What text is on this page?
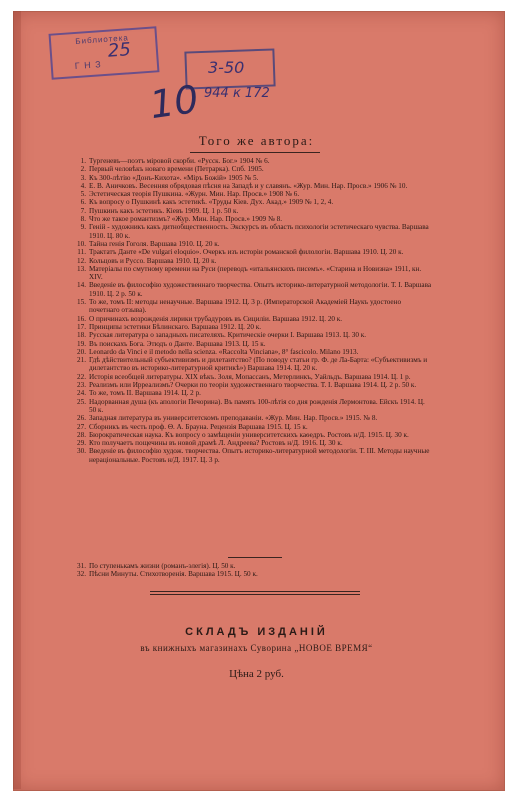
Библиотека
25
Г Н З	3-50
944 к 172
10
Того же автора:
1. Тургеневъ—поэтъ міровой скорби. «Русск. Бог.» 1904 № 6.
2. Первый человѣкъ новаго времени (Петрарка). Спб. 1905.
3. Къ 300-лѣтію «Донъ-Кихота». «Міръ Божій» 1905 № 5.
4. Е. В. Аничковъ. Весенняя обрядовая пѣсня на Западѣ и у славянъ. «Жур. Мин. Нар. Просв.» 1906 № 10.
5. Эстетическая теорія Пушкина. «Журн. Мин. Нар. Просв.» 1908 № 6.
6. Къ вопросу о Пушкинѣ какъ эстетикѣ. «Труды Кiев. Дух. Акад.» 1909 № 1, 2, 4.
7. Пушкинъ какъ эстетикъ. Кiевъ 1909. Ц. 1 р. 50 к.
8. Что же такое романтизмъ? «Жур. Мин. Нар. Просв.» 1909 № 8.
9. Генiй - художникъ какъ дитнобщественность. Экскурсъ въ область психологіи эстетическаго чувства. Варшава 1910. Ц. 80 к.
10. Тайна генiя Гоголя. Варшава 1910. Ц. 20 к.
11. Трактатъ Данте «De vulgari eloquio». Очеркъ изъ исторіи романской филологіи. Варшава 1910. Ц. 20 к.
12. Кольцовъ и Руссо. Варшава 1910. Ц. 20 к.
13. Матеріалы по смутному времени на Руси (переводъ «итальянскихъ писемъ». «Старина и Новизна» 1911, кн. XIV.
14. Введеніе въ философію художественнаго творчества. Опытъ историко-литературной методологіи. Т. I. Варшава 1910. Ц. 2 р. 50 к.
15. То же, томъ II: методы ненаучные. Варшава 1912. Ц. 3 р. (Императорской Академіей Наукъ удостоено почетнаго отзыва).
16. О причинахъ возрожденія лирики трубадуровъ въ Сициліи. Варшава 1912. Ц. 20 к.
17. Принципы эстетики Бѣлинскаго. Варшава 1912. Ц. 20 к.
18. Русская литература о западныхъ писателяхъ. Критическіе очерки I. Варшава 1913. Ц. 30 к.
19. Въ поискахъ Бога. Этюдъ о Данте. Варшава 1913. Ц. 15 к.
20. Leonardo da Vinci e il metodo nella scienza. «Raccolta Vinciana», 8° fascicolo. Milano 1913.
21. Гдѣ дѣйствительный субъективизмъ и дилетантство? (По поводу статьи гр. Ф. де Ла-Барта: «Субъективизмъ и дилетантство въ историко-литературной критикѣ») Варшава 1914. Ц. 20 к.
22. Исторія всеобщей литературы. XIX вѣкъ. Золя, Мопассанъ, Метерлинкъ, Уайльдъ. Варшава 1914. Ц. 1 р.
23. Реализмъ или Ирреализмъ? Очерки по теоріи художественнаго творчества. Т. I. Варшава 1914. Ц. 2 р. 50 к.
24. То же, томъ II. Варшава 1914. Ц. 2 р.
25. Надорванная душа (къ апологіи Печорина). Въ память 100-лѣтія со дня рожденія Лермонтова. Ейскъ 1914. Ц. 50 к.
26. Западная литература въ университетскомъ преподаваніи. «Жур. Мин. Нар. Просв.» 1915. № 8.
27. Сборникъ въ честь проф. Ѳ. А. Брауна. Рецензія Варшава 1915. Ц. 15 к.
28. Бюрократическая наука. Къ вопросу о замѣщеніи университетскихъ каѳедръ. Ростовъ н/Д. 1915. Ц. 30 к.
29. Кто получаетъ пощечины въ новой драмѣ Л. Андреева? Ростовъ н/Д. 1916. Ц. 30 к.
30. Введеніе въ философію худож. творчества. Опытъ историко-литературной методологіи. Т. III. Методы научные нераціональные. Ростовъ н/Д. 1917. Ц. 3 р.
31. По ступенькамъ жизни (романъ-элегія). Ц. 50 к.
32. Пѣсни Минуты. Стихотворенія. Варшава 1915. Ц. 50 к.
СКЛАДЪ ИЗДАНІЙ
въ книжныхъ магазинахъ Суворина „НОВОЕ ВРЕМЯ“
Цѣна 2 руб.
